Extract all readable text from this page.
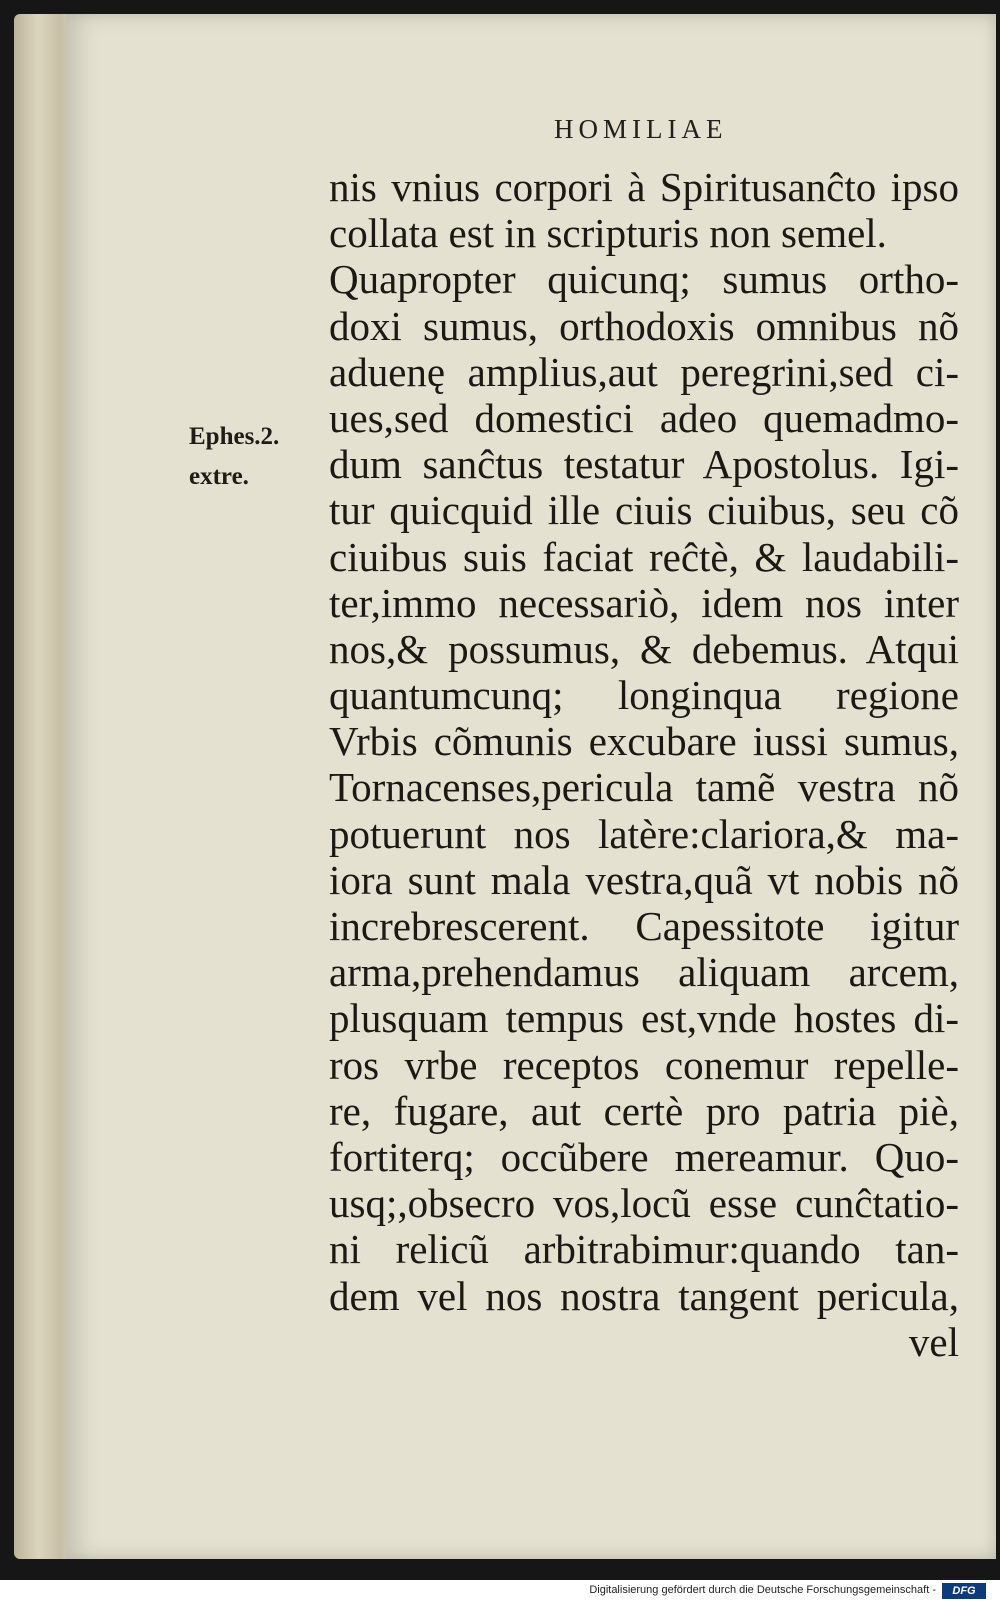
HOMILIAE
Ephes.2.
extre.
nis vnius corpori à Spiritusanĉto ipso
collata est in scripturis non semel.
Quapropter quicunq; sumus ortho-
doxi sumus, orthodoxis omnibus nõ
aduenę amplius,aut peregrini,sed ci-
ues,sed domestici adeo quemadmo-
dum sanĉtus testatur Apostolus. Igi-
tur quicquid ille ciuis ciuibus, seu cõ
ciuibus suis faciat reĉtè, & laudabili-
ter,immo necessariò, idem nos inter
nos,& possumus, & debemus. Atqui
quantumcunq; longinqua regione
Vrbis cõmunis excubare iussi sumus,
Tornacenses,pericula tamẽ vestra nõ
potuerunt nos latère:clariora,& ma-
iora sunt mala vestra,quã vt nobis nõ
increbrescerent. Capessitote igitur
arma,prehendamus aliquam arcem,
plusquam tempus est,vnde hostes di-
ros vrbe receptos conemur repelle-
re, fugare, aut certè pro patria piè,
fortiterq; occũbere mereamur. Quo-
usq;,obsecro vos,locũ esse cunĉtatio-
ni relicũ arbitrabimur:quando tan-
dem vel nos nostra tangent pericula,
vel
Digitalisierung gefördert durch die Deutsche Forschungsgemeinschaft -	DFG
